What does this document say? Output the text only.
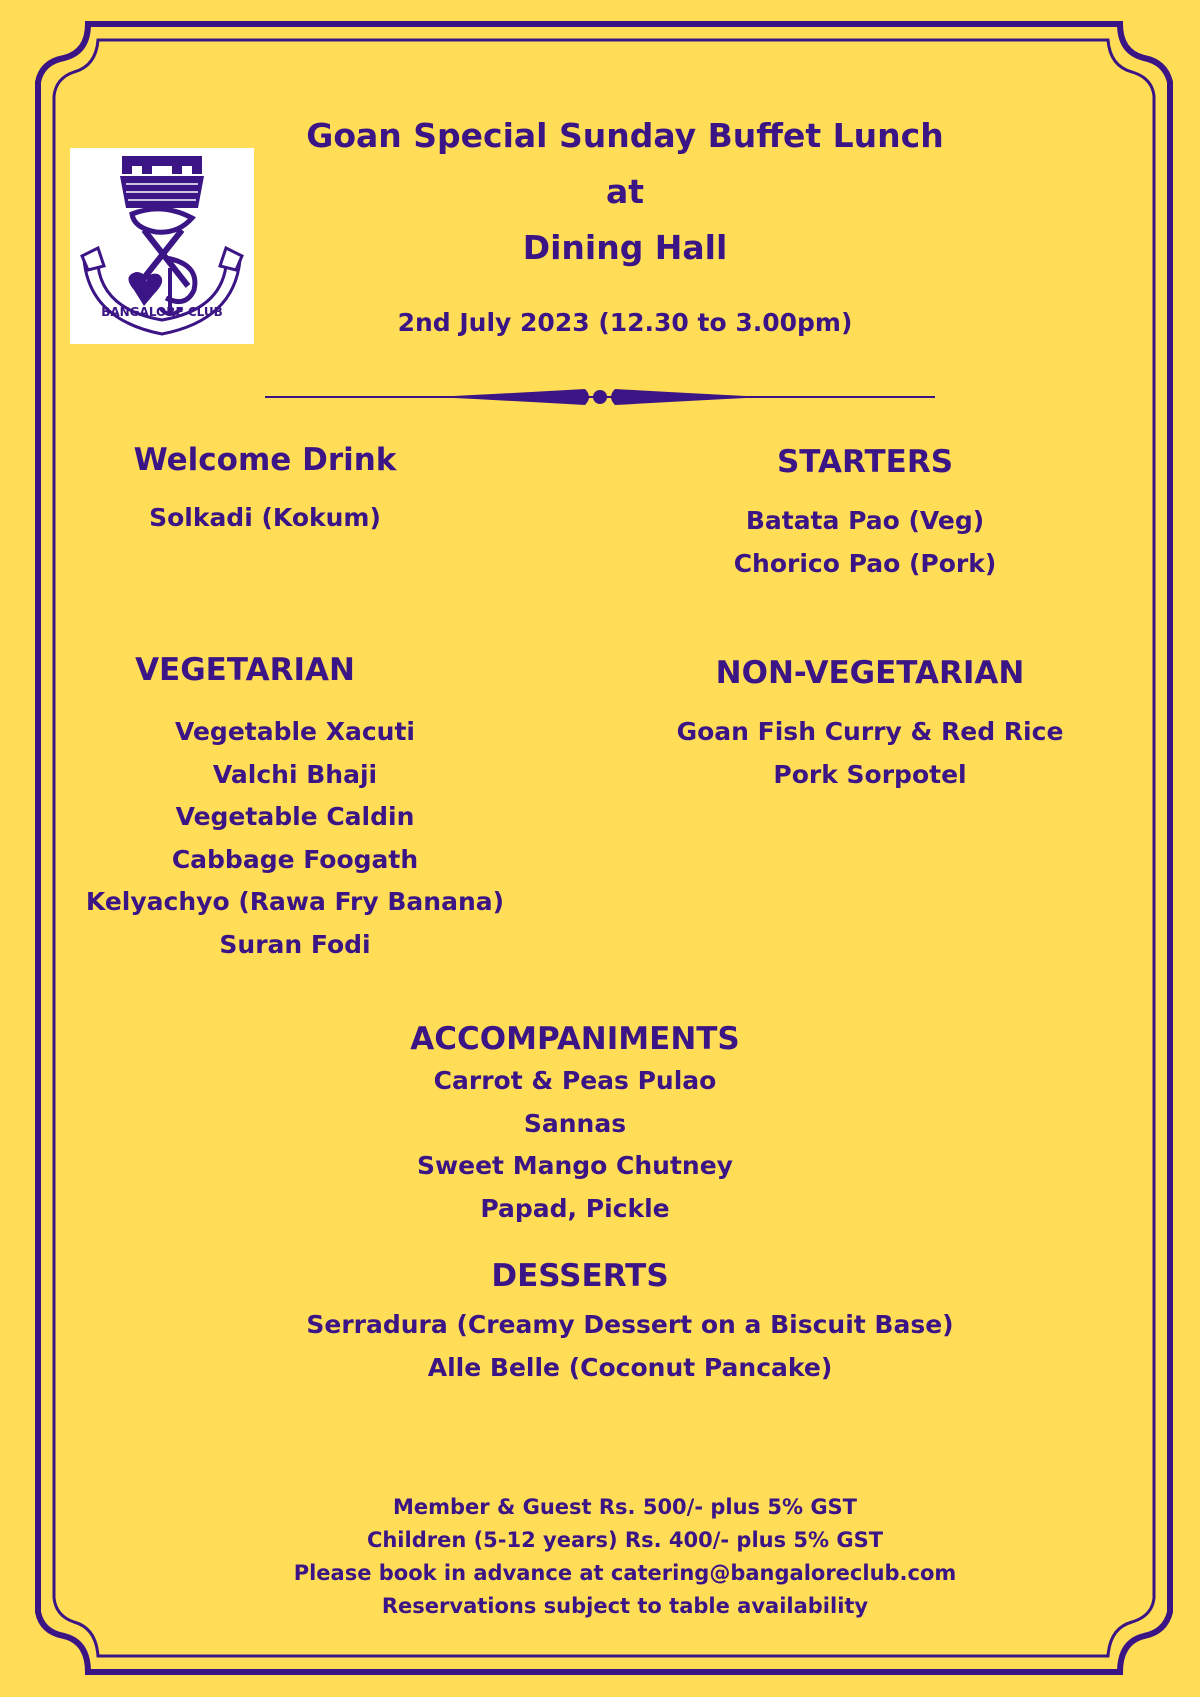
BANGALORE CLUB
Goan Special Sunday Buffet Lunch
at
Dining Hall

2nd July 2023 (12.30 to 3.00pm)

Welcome Drink
Solkadi (Kokum)
STARTERS
Batata Pao (Veg)
Chorico Pao (Pork)
VEGETARIAN
Vegetable Xacuti
Valchi Bhaji
Vegetable Caldin
Cabbage Foogath
Kelyachyo (Rawa Fry Banana)
Suran Fodi
NON-VEGETARIAN
Goan Fish Curry & Red Rice
Pork Sorpotel
ACCOMPANIMENTS
Carrot & Peas Pulao
Sannas
Sweet Mango Chutney
Papad, Pickle
DESSERTS
Serradura (Creamy Dessert on a Biscuit Base)
Alle Belle (Coconut Pancake)
Member & Guest Rs. 500/- plus 5% GST
Children (5-12 years) Rs. 400/- plus 5% GST
Please book in advance at catering@bangaloreclub.com
Reservations subject to table availability
